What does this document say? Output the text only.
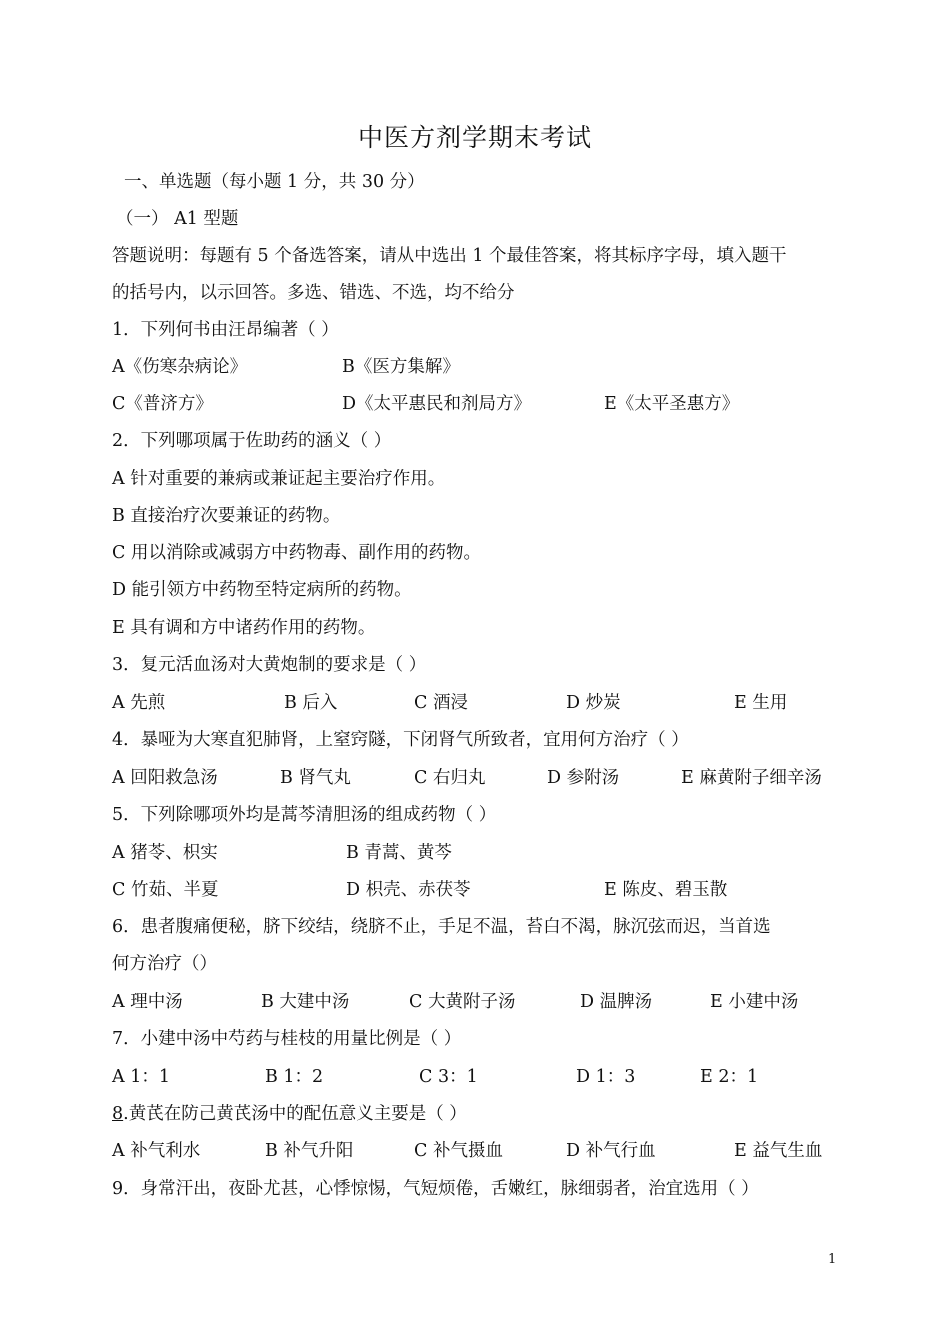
中医方剂学期末考试
一、单选题（每小题 1 分，共 30 分）
（一） A1 型题
答题说明：每题有 5 个备选答案，请从中选出 1 个最佳答案，将其标序字母，填入题干
的括号内，以示回答。多选、错选、不选，均不给分
1．下列何书由汪昂编著（ ）
A《伤寒杂病论》	B《医方集解》
C《普济方》	D《太平惠民和剂局方》	E《太平圣惠方》
2．下列哪项属于佐助药的涵义（ ）
A 针对重要的兼病或兼证起主要治疗作用。
B 直接治疗次要兼证的药物。
C 用以消除或减弱方中药物毒、副作用的药物。
D 能引领方中药物至特定病所的药物。
E 具有调和方中诸药作用的药物。
3．复元活血汤对大黄炮制的要求是（ ）
A 先煎	B 后入	C 酒浸	D 炒炭	E 生用
4．暴哑为大寒直犯肺肾，上窒窍隧，下闭肾气所致者，宜用何方治疗（ ）
A 回阳救急汤	B 肾气丸	C 右归丸	D 参附汤	E 麻黄附子细辛汤
5．下列除哪项外均是蒿芩清胆汤的组成药物（ ）
A 猪苓、枳实	B 青蒿、黄芩
C 竹茹、半夏	D 枳壳、赤茯苓	E 陈皮、碧玉散
6．患者腹痛便秘，脐下绞结，绕脐不止，手足不温，苔白不渴，脉沉弦而迟，当首选
何方治疗（）
A 理中汤	B 大建中汤	C 大黄附子汤	D 温脾汤	E 小建中汤
7．小建中汤中芍药与桂枝的用量比例是（ ）
A 1：1	B 1：2	C 3：1	D 1：3	E 2：1
8.黄芪在防己黄芪汤中的配伍意义主要是（ ）
A 补气利水	B 补气升阳	C 补气摄血	D 补气行血	E 益气生血
9．身常汗出，夜卧尤甚，心悸惊惕，气短烦倦，舌嫩红，脉细弱者，治宜选用（ ）
1
